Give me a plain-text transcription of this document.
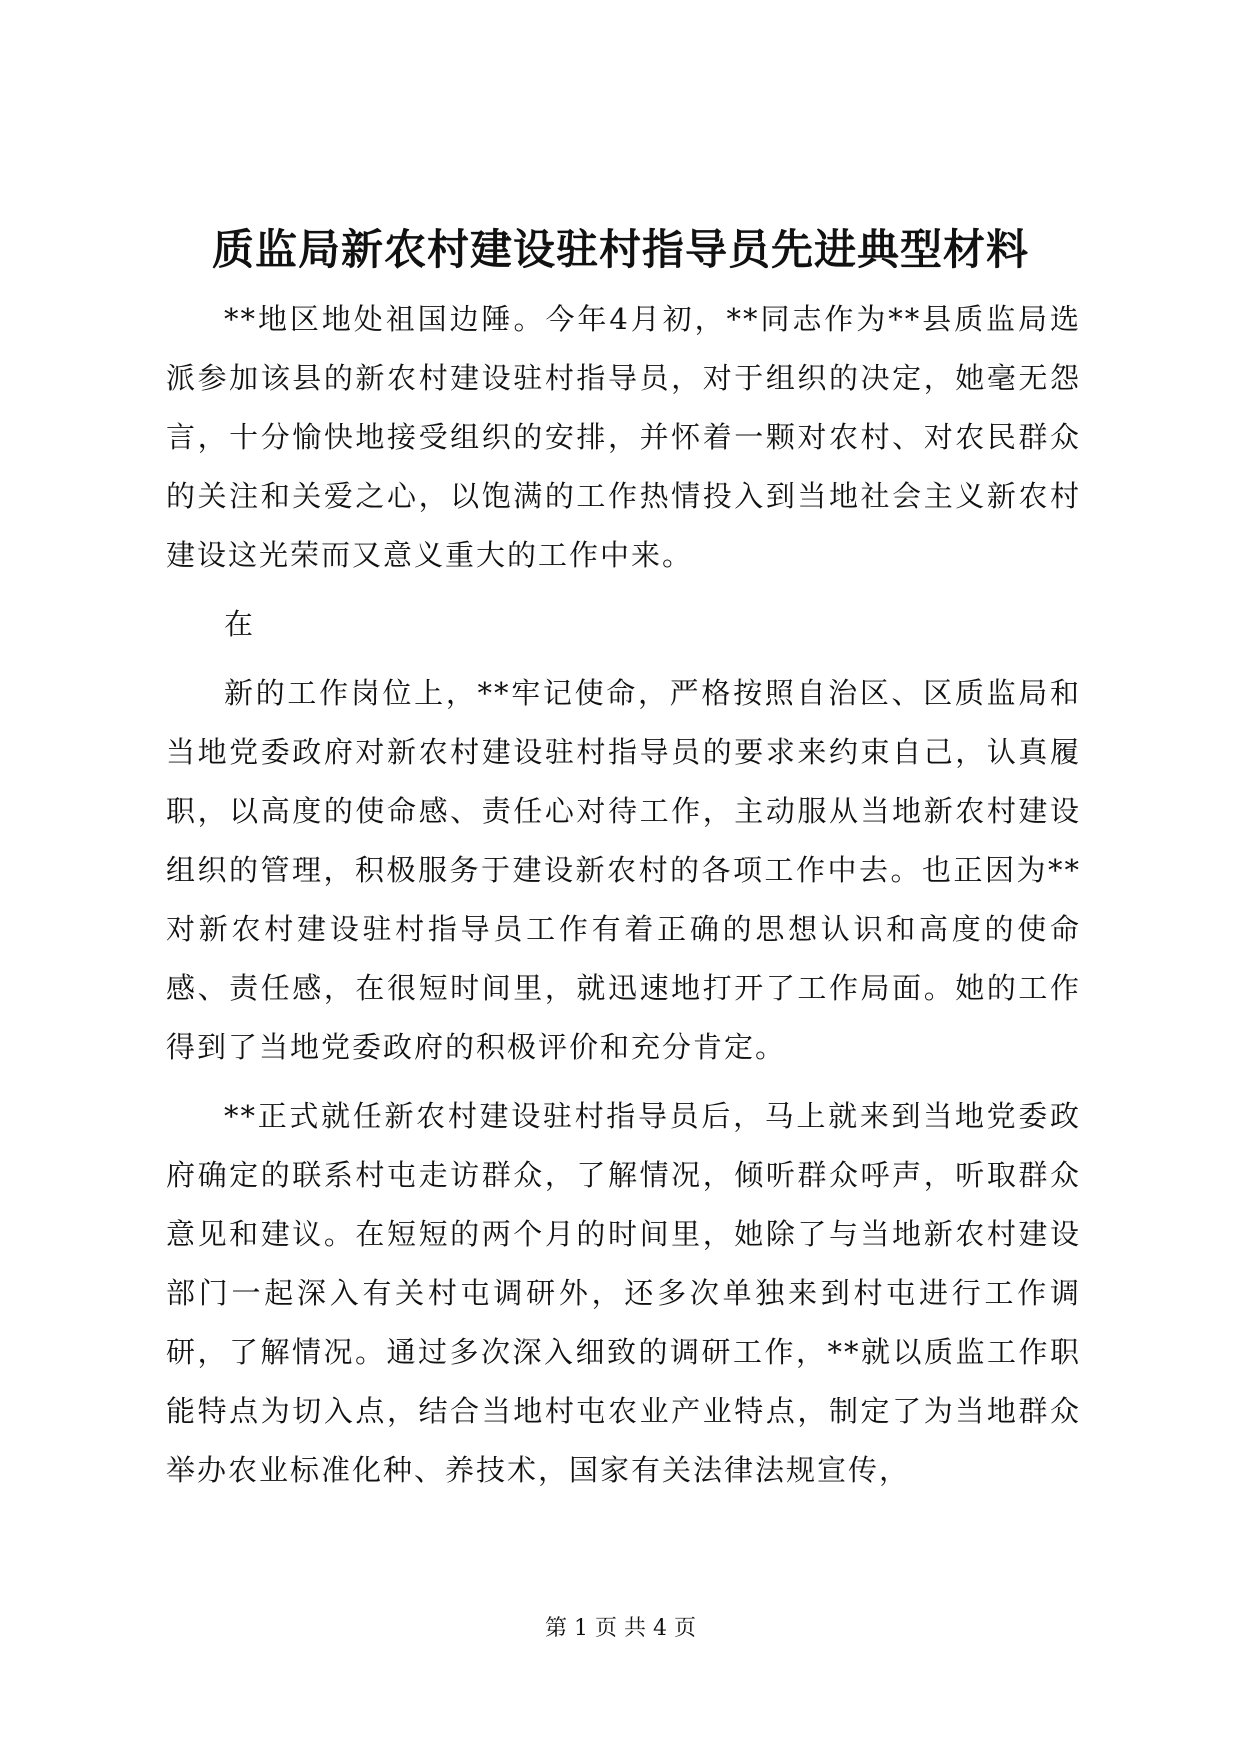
质监局新农村建设驻村指导员先进典型材料

**地区地处祖国边陲。今年4月初，**同志作为**县质监局选派参加该县的新农村建设驻村指导员，对于组织的决定，她毫无怨言，十分愉快地接受组织的安排，并怀着一颗对农村、对农民群众的关注和关爱之心，以饱满的工作热情投入到当地社会主义新农村建设这光荣而又意义重大的工作中来。

在

新的工作岗位上，**牢记使命，严格按照自治区、区质监局和当地党委政府对新农村建设驻村指导员的要求来约束自己，认真履职，以高度的使命感、责任心对待工作，主动服从当地新农村建设组织的管理，积极服务于建设新农村的各项工作中去。也正因为**对新农村建设驻村指导员工作有着正确的思想认识和高度的使命感、责任感，在很短时间里，就迅速地打开了工作局面。她的工作得到了当地党委政府的积极评价和充分肯定。

**正式就任新农村建设驻村指导员后，马上就来到当地党委政府确定的联系村屯走访群众，了解情况，倾听群众呼声，听取群众意见和建议。在短短的两个月的时间里，她除了与当地新农村建设部门一起深入有关村屯调研外，还多次单独来到村屯进行工作调研，了解情况。通过多次深入细致的调研工作，**就以质监工作职能特点为切入点，结合当地村屯农业产业特点，制定了为当地群众举办农业标准化种、养技术，国家有关法律法规宣传，

第 1 页 共 4 页
